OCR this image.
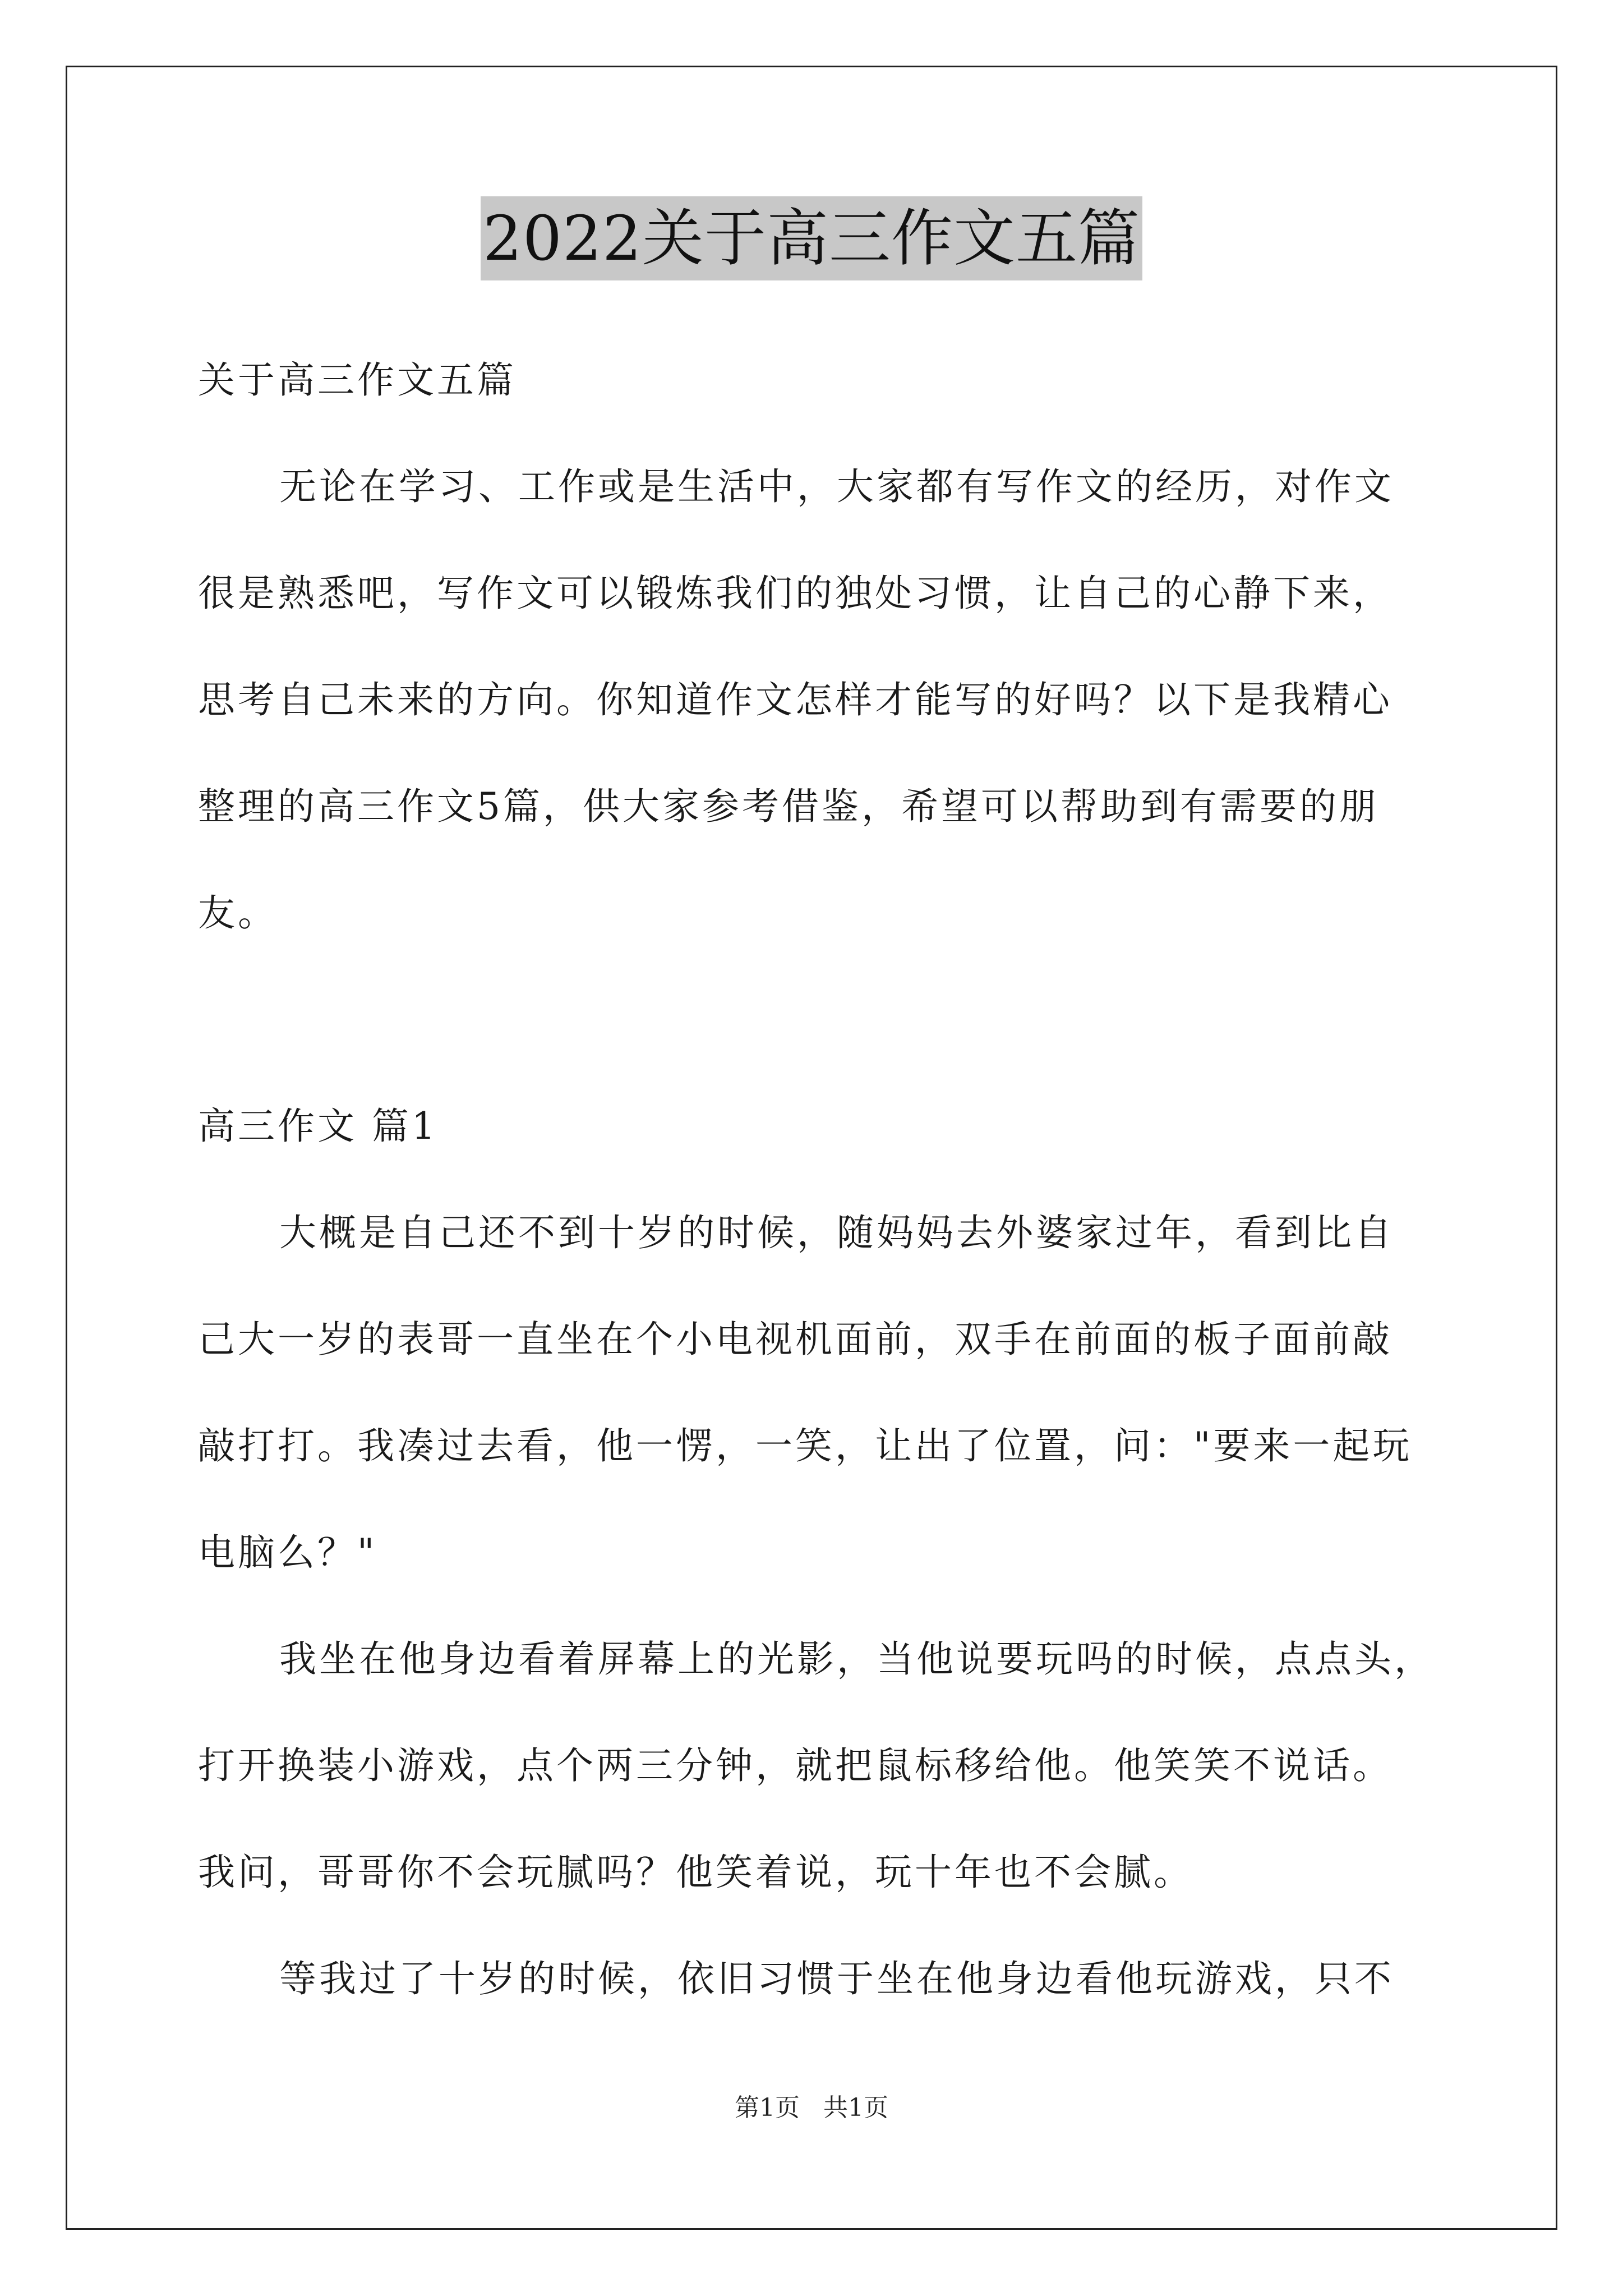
2022关于高三作文五篇
关于高三作文五篇
无论在学习、工作或是生活中，大家都有写作文的经历，对作文
很是熟悉吧，写作文可以锻炼我们的独处习惯，让自己的心静下来，
思考自己未来的方向。你知道作文怎样才能写的好吗？以下是我精心
整理的高三作文5篇，供大家参考借鉴，希望可以帮助到有需要的朋
友。
高三作文 篇1
大概是自己还不到十岁的时候，随妈妈去外婆家过年，看到比自
己大一岁的表哥一直坐在个小电视机面前，双手在前面的板子面前敲
敲打打。我凑过去看，他一愣，一笑，让出了位置，问："要来一起玩
电脑么？"
我坐在他身边看着屏幕上的光影，当他说要玩吗的时候，点点头，
打开换装小游戏，点个两三分钟，就把鼠标移给他。他笑笑不说话。
我问，哥哥你不会玩腻吗？他笑着说，玩十年也不会腻。
等我过了十岁的时候，依旧习惯于坐在他身边看他玩游戏，只不
第1页   共1页
